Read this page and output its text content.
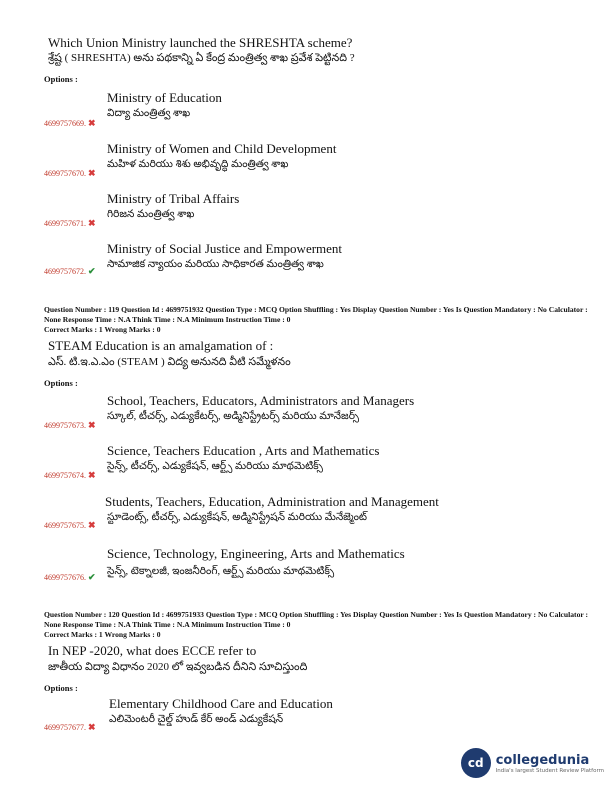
Which Union Ministry launched the SHRESHTA scheme?
శ్రేష్ట ( SHRESHTA) అను పథకాన్ని ఏ కేంద్ర మంత్రిత్వ శాఖ ప్రవేశ పెట్టినది ?
Options :
Ministry of Education
విద్యా మంత్రిత్వ శాఖ
4699757669. ✖
Ministry of Women and Child Development
మహిళ మరియు శిశు అభివృద్ధి మంత్రిత్వ శాఖ
4699757670. ✖
Ministry of Tribal Affairs
గిరిజన మంత్రిత్వ శాఖ
4699757671. ✖
Ministry of Social Justice and Empowerment
సామాజిక న్యాయం మరియు సాధికారత మంత్రిత్వ శాఖ
4699757672. ✔
Question Number : 119 Question Id : 4699751932 Question Type : MCQ Option Shuffling : Yes Display Question Number : Yes Is Question Mandatory : No Calculator : None Response Time : N.A Think Time : N.A Minimum Instruction Time : 0
Correct Marks : 1 Wrong Marks : 0
STEAM Education is an amalgamation of :
ఎస్. టి.ఇ.ఎ.ఎం (STEAM ) విద్య అనునది వీటి సమ్మేళనం
Options :
School, Teachers, Educators, Administrators and Managers
స్కూల్, టీచర్స్, ఎడ్యుకేటర్స్, అడ్మినిస్ట్రేటర్స్ మరియు మానేజర్స్
4699757673. ✖
Science, Teachers Education , Arts and Mathematics
సైన్స్, టీచర్స్, ఎడ్యుకేషన్, ఆర్ట్స్ మరియు మాథమెటిక్స్
4699757674. ✖
Students, Teachers, Education, Administration and Management
స్టూడెంట్స్, టీచర్స్, ఎడ్యుకేషన్, అడ్మినిస్ట్రేషన్ మరియు మేనేజ్మెంట్
4699757675. ✖
Science, Technology, Engineering, Arts and Mathematics
సైన్స్, టెక్నాలజీ, ఇంజనీరింగ్, ఆర్ట్స్ మరియు మాథమెటిక్స్
4699757676. ✔
Question Number : 120 Question Id : 4699751933 Question Type : MCQ Option Shuffling : Yes Display Question Number : Yes Is Question Mandatory : No Calculator : None Response Time : N.A Think Time : N.A Minimum Instruction Time : 0
Correct Marks : 1 Wrong Marks : 0
In NEP -2020, what does ECCE refer to
జాతీయ విద్యా విధానం 2020 లో ఇవ్వబడిన దీనిని సూచిస్తుంది
Options :
Elementary Childhood Care and Education
ఎలిమెంటరీ చైల్డ్ హుడ్ కేర్ అండ్ ఎడ్యుకేషన్
4699757677. ✖
cd collegedunia
India's largest Student Review Platform
